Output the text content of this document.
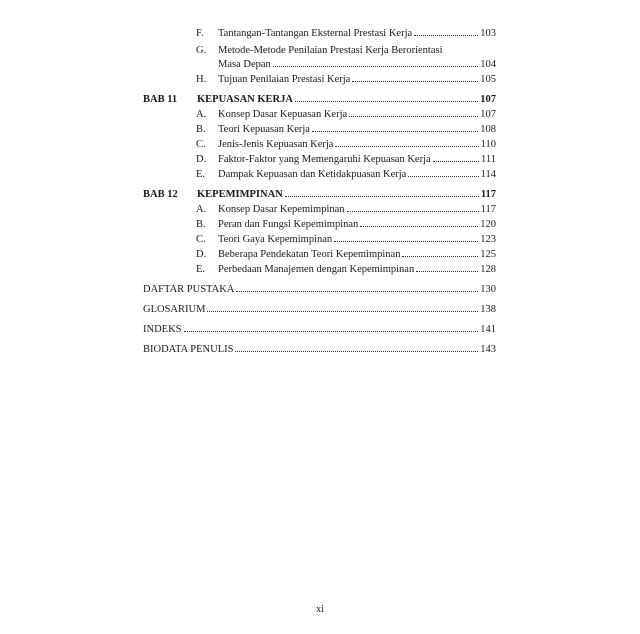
F.	Tantangan-Tantangan Eksternal Prestasi Kerja	103
G. Metode-Metode Penilaian Prestasi Kerja Berorientasi
Masa Depan	104
H.	Tujuan Penilaian Prestasi Kerja	105
BAB 11	KEPUASAN KERJA	107
A.	Konsep Dasar Kepuasan Kerja	107
B.	Teori Kepuasan Kerja	108
C.	Jenis-Jenis Kepuasan Kerja	110
D.	Faktor-Faktor yang Memengaruhi Kepuasan Kerja	111
E.	Dampak Kepuasan dan Ketidakpuasan Kerja	114
BAB 12	KEPEMIMPINAN	117
A.	Konsep Dasar Kepemimpinan	117
B.	Peran dan Fungsi Kepemimpinan	120
C.	Teori Gaya Kepemimpinan	123
D.	Beberapa Pendekatan Teori Kepemimpinan	125
E.	Perbedaan Manajemen dengan Kepemimpinan	128
DAFTAR PUSTAKA	130
GLOSARIUM	138
INDEKS	141
BIODATA PENULIS	143
xi
